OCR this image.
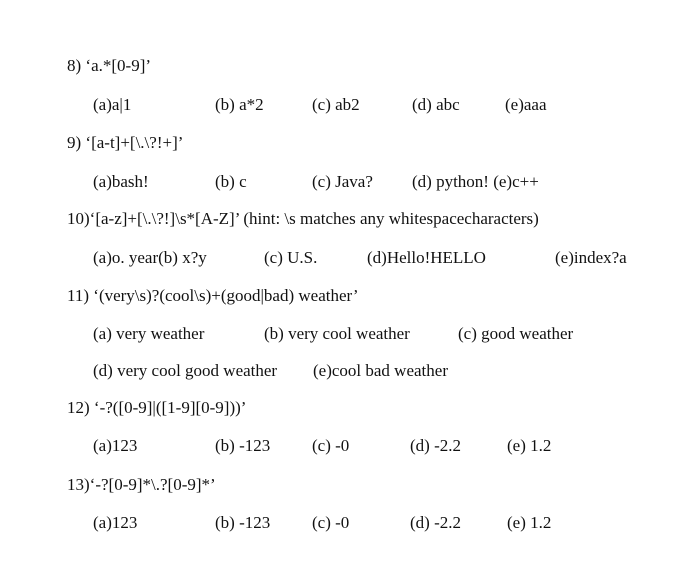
8) ‘a.*[0-9]’
(a)a|1	(b) a*2	(c) ab2	(d) abc	(e)aaa
9) ‘[a-t]+[\.\?!+]’
(a)bash!	(b) c	(c) Java? (d) python! (e)c++
10)‘[a-z]+[\.\?!]\s*[A-Z]’ (hint: \s matches any whitespacecharacters)
(a)o. year(b) x?y	(c) U.S.	(d)Hello!HELLO	(e)index?a
11) ‘(very\s)?(cool\s)+(good|bad) weather’
(a) very weather	(b) very cool weather	(c) good weather
(d) very cool good weather (e)cool bad weather
12) ‘-?([0-9]|([1-9][0-9]))’
(a)123	(b) -123 (c) -0	(d) -2.2	(e) 1.2
13)‘-?[0-9]*\.?[0-9]*’
(a)123	(b) -123 (c) -0	(d) -2.2	(e) 1.2
